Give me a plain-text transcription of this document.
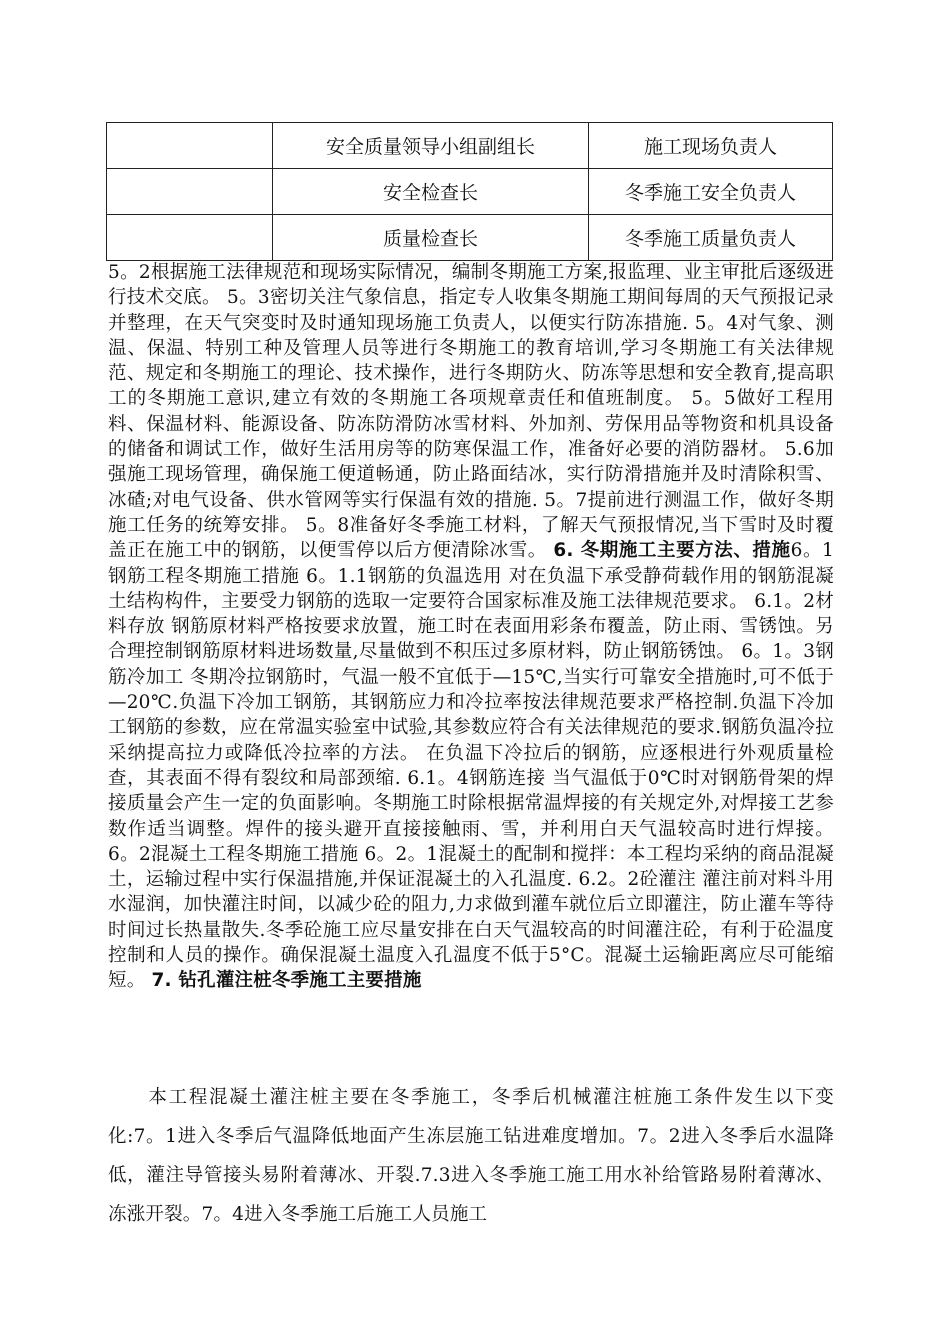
	安全质量领导小组副组长	施工现场负责人
	安全检查长	冬季施工安全负责人
	质量检查长	冬季施工质量负责人

5。2根据施工法律规范和现场实际情况，编制冬期施工方案,报监理、业主审批后逐级进行技术交底。 5。3密切关注气象信息，指定专人收集冬期施工期间每周的天气预报记录并整理，在天气突变时及时通知现场施工负责人，以便实行防冻措施. 5。4对气象、测温、保温、特别工种及管理人员等进行冬期施工的教育培训,学习冬期施工有关法律规范、规定和冬期施工的理论、技术操作，进行冬期防火、防冻等思想和安全教育,提高职工的冬期施工意识,建立有效的冬期施工各项规章责任和值班制度。 5。5做好工程用料、保温材料、能源设备、防冻防滑防冰雪材料、外加剂、劳保用品等物资和机具设备的储备和调试工作，做好生活用房等的防寒保温工作，准备好必要的消防器材。 5.6加强施工现场管理，确保施工便道畅通，防止路面结冰，实行防滑措施并及时清除积雪、冰碴;对电气设备、供水管网等实行保温有效的措施. 5。7提前进行测温工作，做好冬期施工任务的统筹安排。 5。8准备好冬季施工材料，了解天气预报情况,当下雪时及时覆盖正在施工中的钢筋，以便雪停以后方便清除冰雪。 6. 冬期施工主要方法、措施6。1钢筋工程冬期施工措施 6。1.1钢筋的负温选用 对在负温下承受静荷载作用的钢筋混凝土结构构件，主要受力钢筋的选取一定要符合国家标准及施工法律规范要求。 6.1。2材料存放 钢筋原材料严格按要求放置，施工时在表面用彩条布覆盖，防止雨、雪锈蚀。另合理控制钢筋原材料进场数量,尽量做到不积压过多原材料，防止钢筋锈蚀。 6。1。3钢筋冷加工 冬期冷拉钢筋时，气温一般不宜低于—15℃,当实行可靠安全措施时,可不低于—20℃.负温下冷加工钢筋，其钢筋应力和冷拉率按法律规范要求严格控制.负温下冷加工钢筋的参数，应在常温实验室中试验,其参数应符合有关法律规范的要求.钢筋负温冷拉采纳提高拉力或降低冷拉率的方法。 在负温下冷拉后的钢筋，应逐根进行外观质量检查，其表面不得有裂纹和局部颈缩. 6.1。4钢筋连接 当气温低于0℃时对钢筋骨架的焊接质量会产生一定的负面影响。冬期施工时除根据常温焊接的有关规定外,对焊接工艺参数作适当调整。焊件的接头避开直接接触雨、雪，并利用白天气温较高时进行焊接。 6。2混凝土工程冬期施工措施 6。2。1混凝土的配制和搅拌：本工程均采纳的商品混凝土，运输过程中实行保温措施,并保证混凝土的入孔温度. 6.2。2砼灌注 灌注前对料斗用水湿润，加快灌注时间，以减少砼的阻力,力求做到灌车就位后立即灌注，防止灌车等待时间过长热量散失.冬季砼施工应尽量安排在白天气温较高的时间灌注砼，有利于砼温度控制和人员的操作。确保混凝土温度入孔温度不低于5°C。混凝土运输距离应尽可能缩短。 7. 钻孔灌注桩冬季施工主要措施

　　本工程混凝土灌注桩主要在冬季施工，冬季后机械灌注桩施工条件发生以下变化:7。1进入冬季后气温降低地面产生冻层施工钻进难度增加。7。2进入冬季后水温降低，灌注导管接头易附着薄冰、开裂.7.3进入冬季施工施工用水补给管路易附着薄冰、冻涨开裂。7。4进入冬季施工后施工人员施工
